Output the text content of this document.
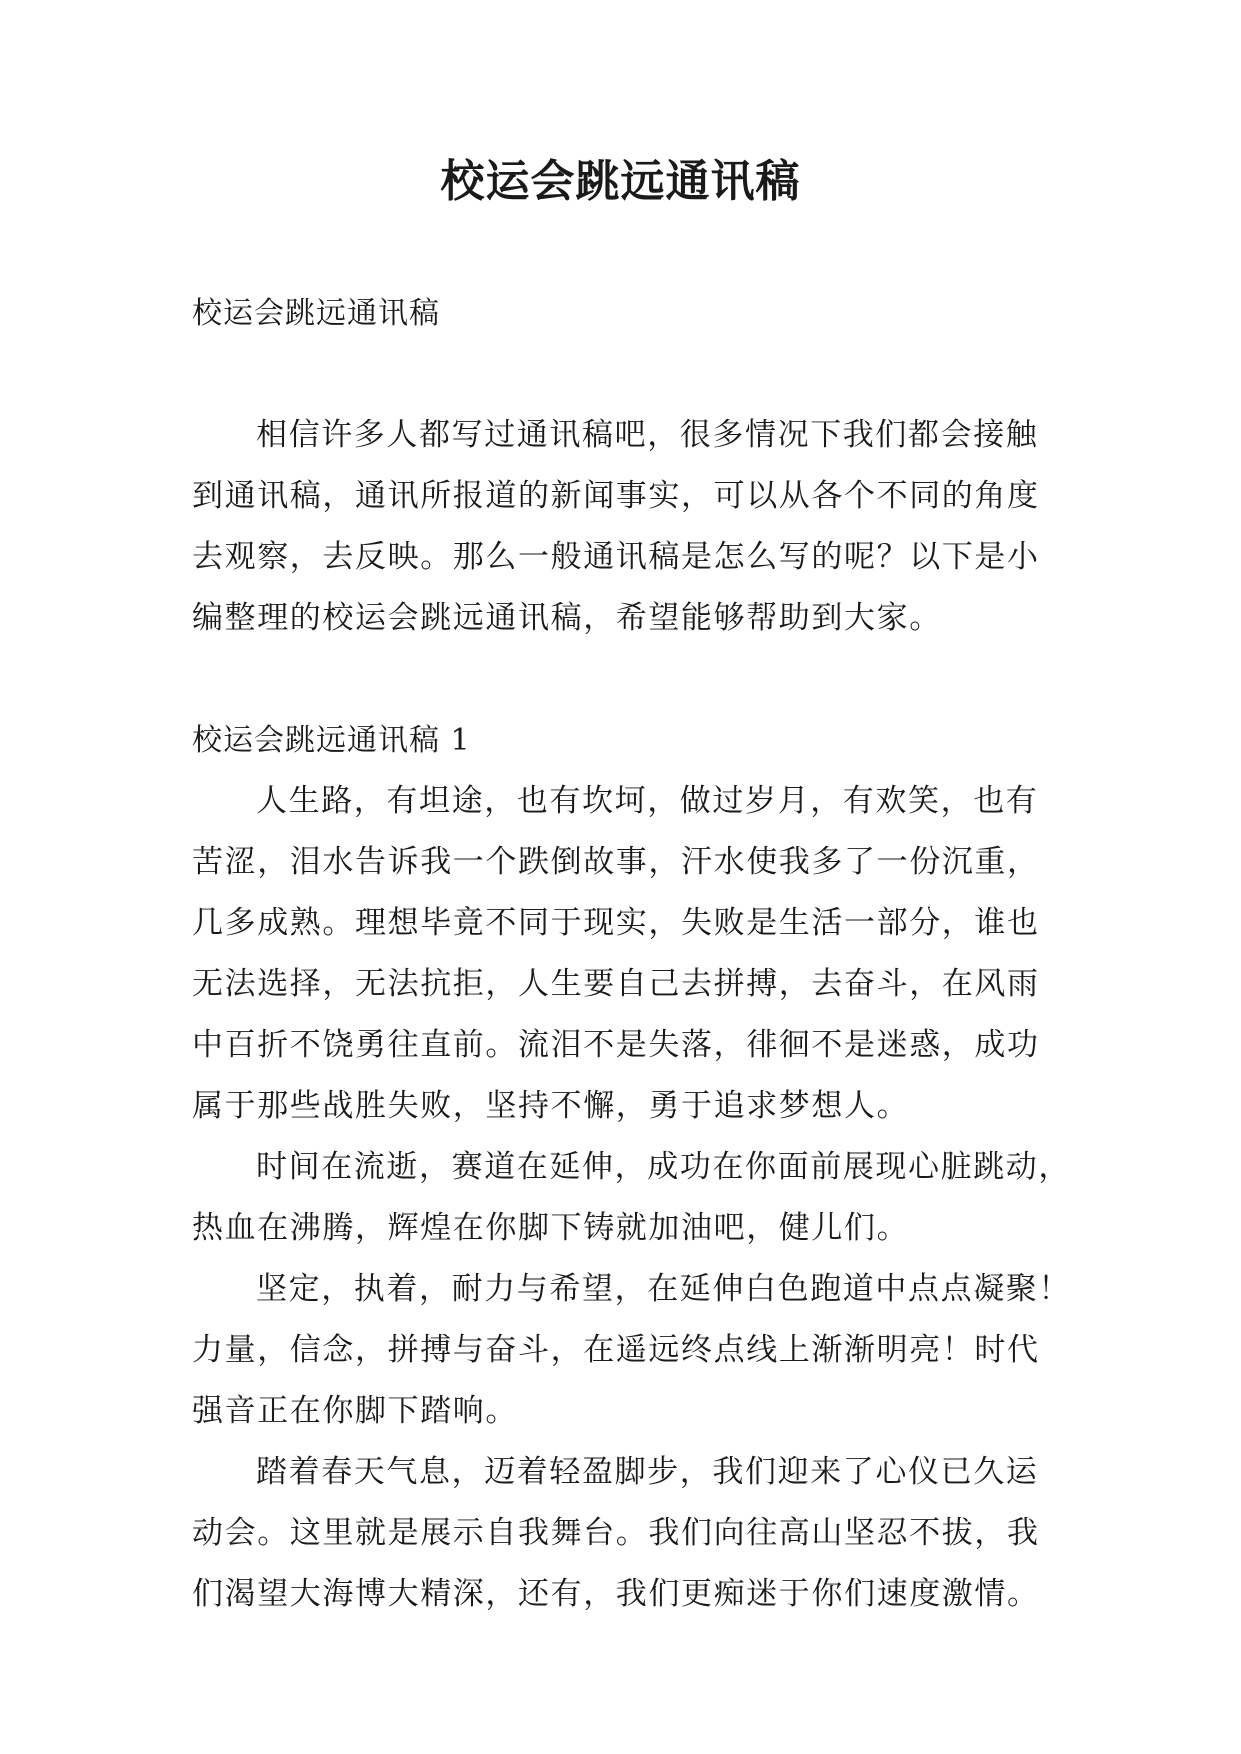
校运会跳远通讯稿
校运会跳远通讯稿
相信许多人都写过通讯稿吧，很多情况下我们都会接触
到通讯稿，通讯所报道的新闻事实，可以从各个不同的角度
去观察，去反映。那么一般通讯稿是怎么写的呢？以下是小
编整理的校运会跳远通讯稿，希望能够帮助到大家。
校运会跳远通讯稿 1
人生路，有坦途，也有坎坷，做过岁月，有欢笑，也有
苦涩，泪水告诉我一个跌倒故事，汗水使我多了一份沉重，
几多成熟。理想毕竟不同于现实，失败是生活一部分，谁也
无法选择，无法抗拒，人生要自己去拼搏，去奋斗，在风雨
中百折不饶勇往直前。流泪不是失落，徘徊不是迷惑，成功
属于那些战胜失败，坚持不懈，勇于追求梦想人。
时间在流逝，赛道在延伸，成功在你面前展现心脏跳动，
热血在沸腾，辉煌在你脚下铸就加油吧，健儿们。
坚定，执着，耐力与希望，在延伸白色跑道中点点凝聚！
力量，信念，拼搏与奋斗，在遥远终点线上渐渐明亮！时代
强音正在你脚下踏响。
踏着春天气息，迈着轻盈脚步，我们迎来了心仪已久运
动会。这里就是展示自我舞台。我们向往高山坚忍不拔，我
们渴望大海博大精深，还有，我们更痴迷于你们速度激情。
